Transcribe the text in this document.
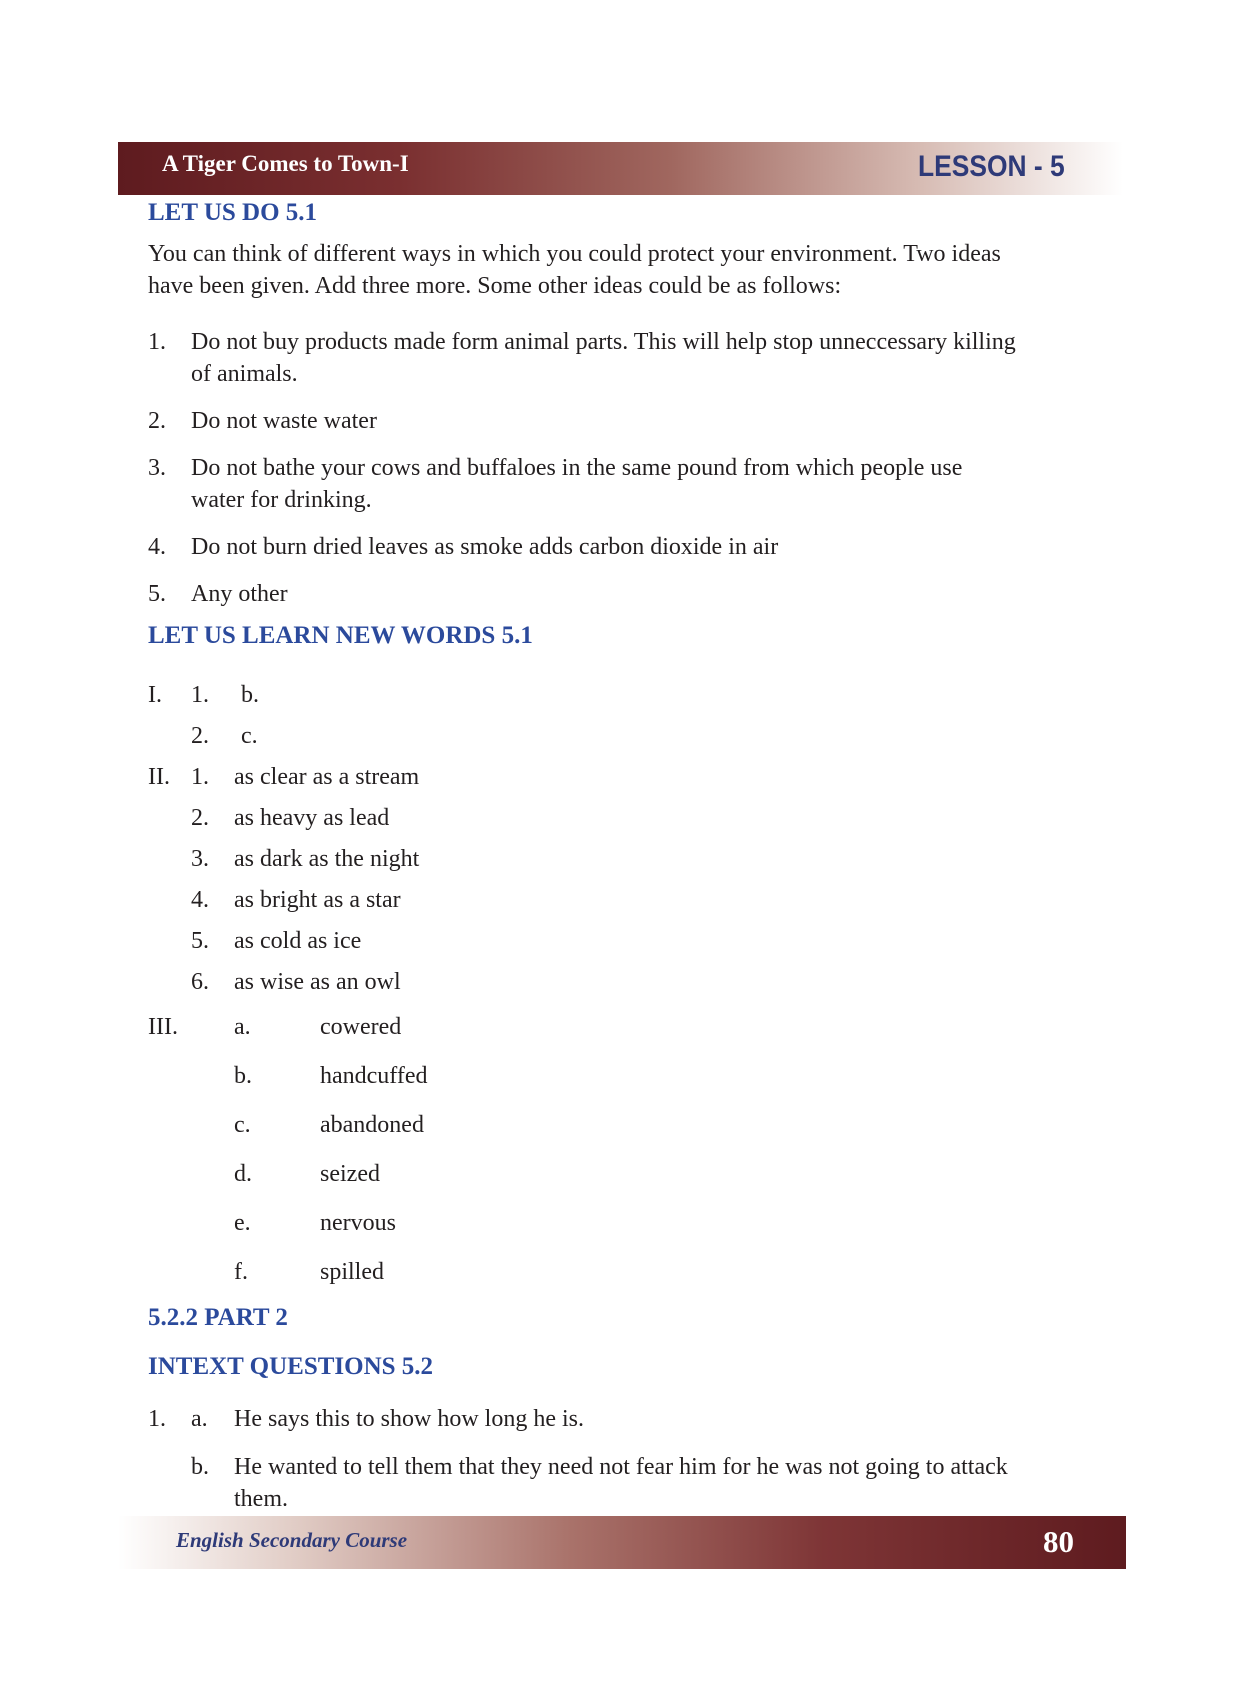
A Tiger Comes to Town-I	LESSON - 5
LET US DO 5.1
You can think of different ways in which you could protect your environment. Two ideas
have been given. Add three more. Some other ideas could be as follows:
1. Do not buy products made form animal parts. This will help stop unneccessary killing
of animals.
2. Do not waste water
3. Do not bathe your cows and buffaloes in the same pound from which people use
water for drinking.
4. Do not burn dried leaves as smoke adds carbon dioxide in air
5. Any other
LET US LEARN NEW WORDS 5.1
I. 1. b.
2. c.
II. 1. as clear as a stream
2. as heavy as lead
3. as dark as the night
4. as bright as a star
5. as cold as ice
6. as wise as an owl
III. a.	cowered
b.	handcuffed
c.	abandoned
d.	seized
e.	nervous
f.	spilled
5.2.2 PART 2
INTEXT QUESTIONS 5.2
1. a. He says this to show how long he is.
b. He wanted to tell them that they need not fear him for he was not going to attack
them.
English Secondary Course	80
